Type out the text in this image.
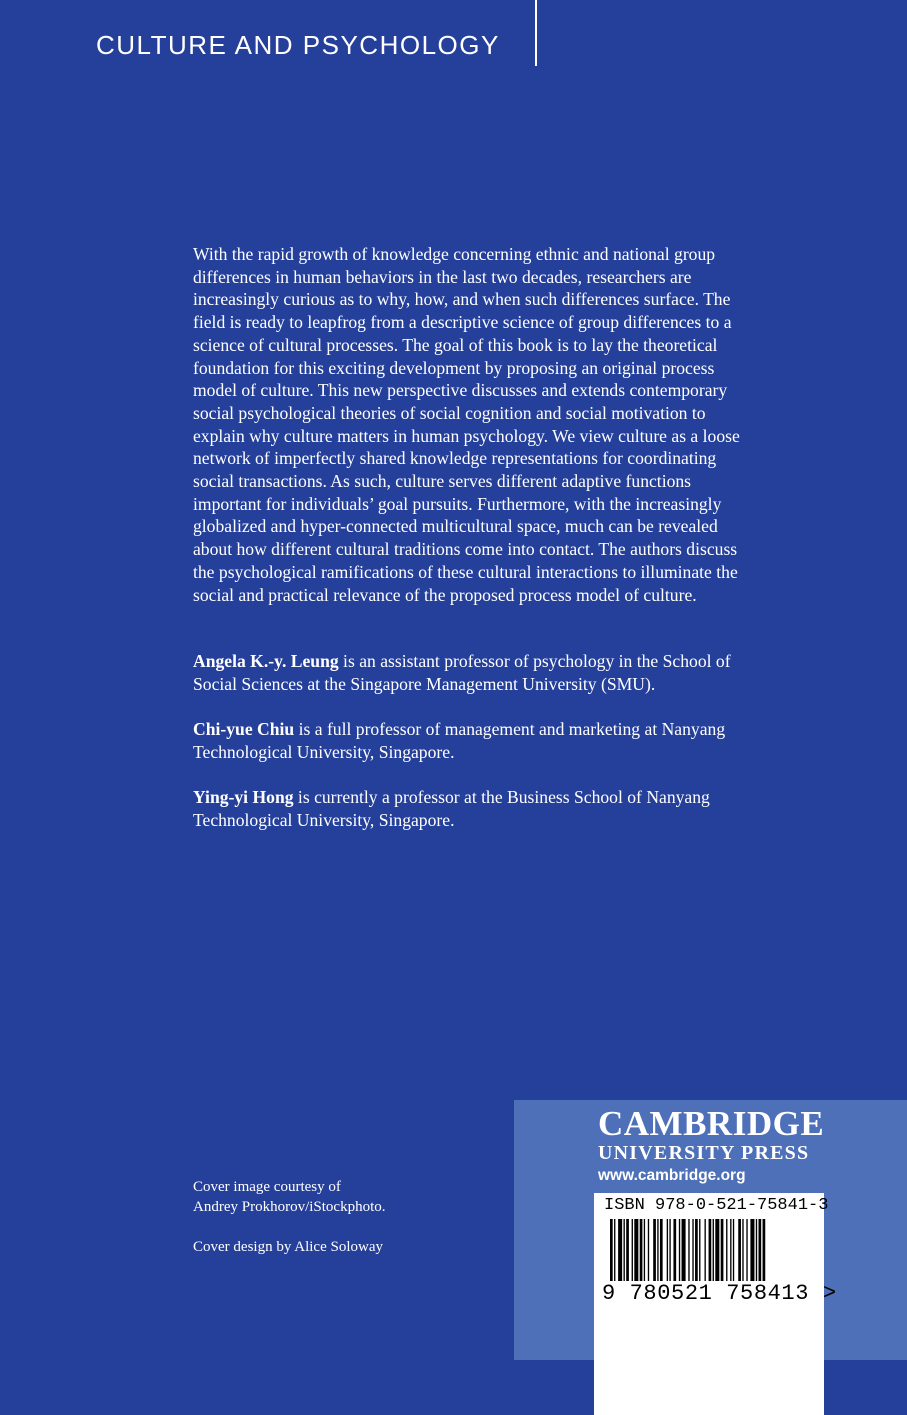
CULTURE AND PSYCHOLOGY

With the rapid growth of knowledge concerning ethnic and national group differences in human behaviors in the last two decades, researchers are increasingly curious as to why, how, and when such differences surface. The field is ready to leapfrog from a descriptive science of group differences to a science of cultural processes. The goal of this book is to lay the theoretical foundation for this exciting development by proposing an original process model of culture. This new perspective discusses and extends contemporary social psychological theories of social cognition and social motivation to explain why culture matters in human psychology. We view culture as a loose network of imperfectly shared knowledge representations for coordinating social transactions. As such, culture serves different adaptive functions important for individuals’ goal pursuits. Furthermore, with the increasingly globalized and hyper-connected multicultural space, much can be revealed about how different cultural traditions come into contact. The authors discuss the psychological ramifications of these cultural interactions to illuminate the social and practical relevance of the proposed process model of culture.

Angela K.-y. Leung is an assistant professor of psychology in the School of Social Sciences at the Singapore Management University (SMU).
Chi-yue Chiu is a full professor of management and marketing at Nanyang Technological University, Singapore.
Ying-yi Hong is currently a professor at the Business School of Nanyang Technological University, Singapore.
Cover image courtesy of
Andrey Prokhorov/iStockphoto.
Cover design by Alice Soloway
CAMBRIDGE
UNIVERSITY PRESS
www.cambridge.org
ISBN 978-0-521-75841-3
9 780521 758413 >
